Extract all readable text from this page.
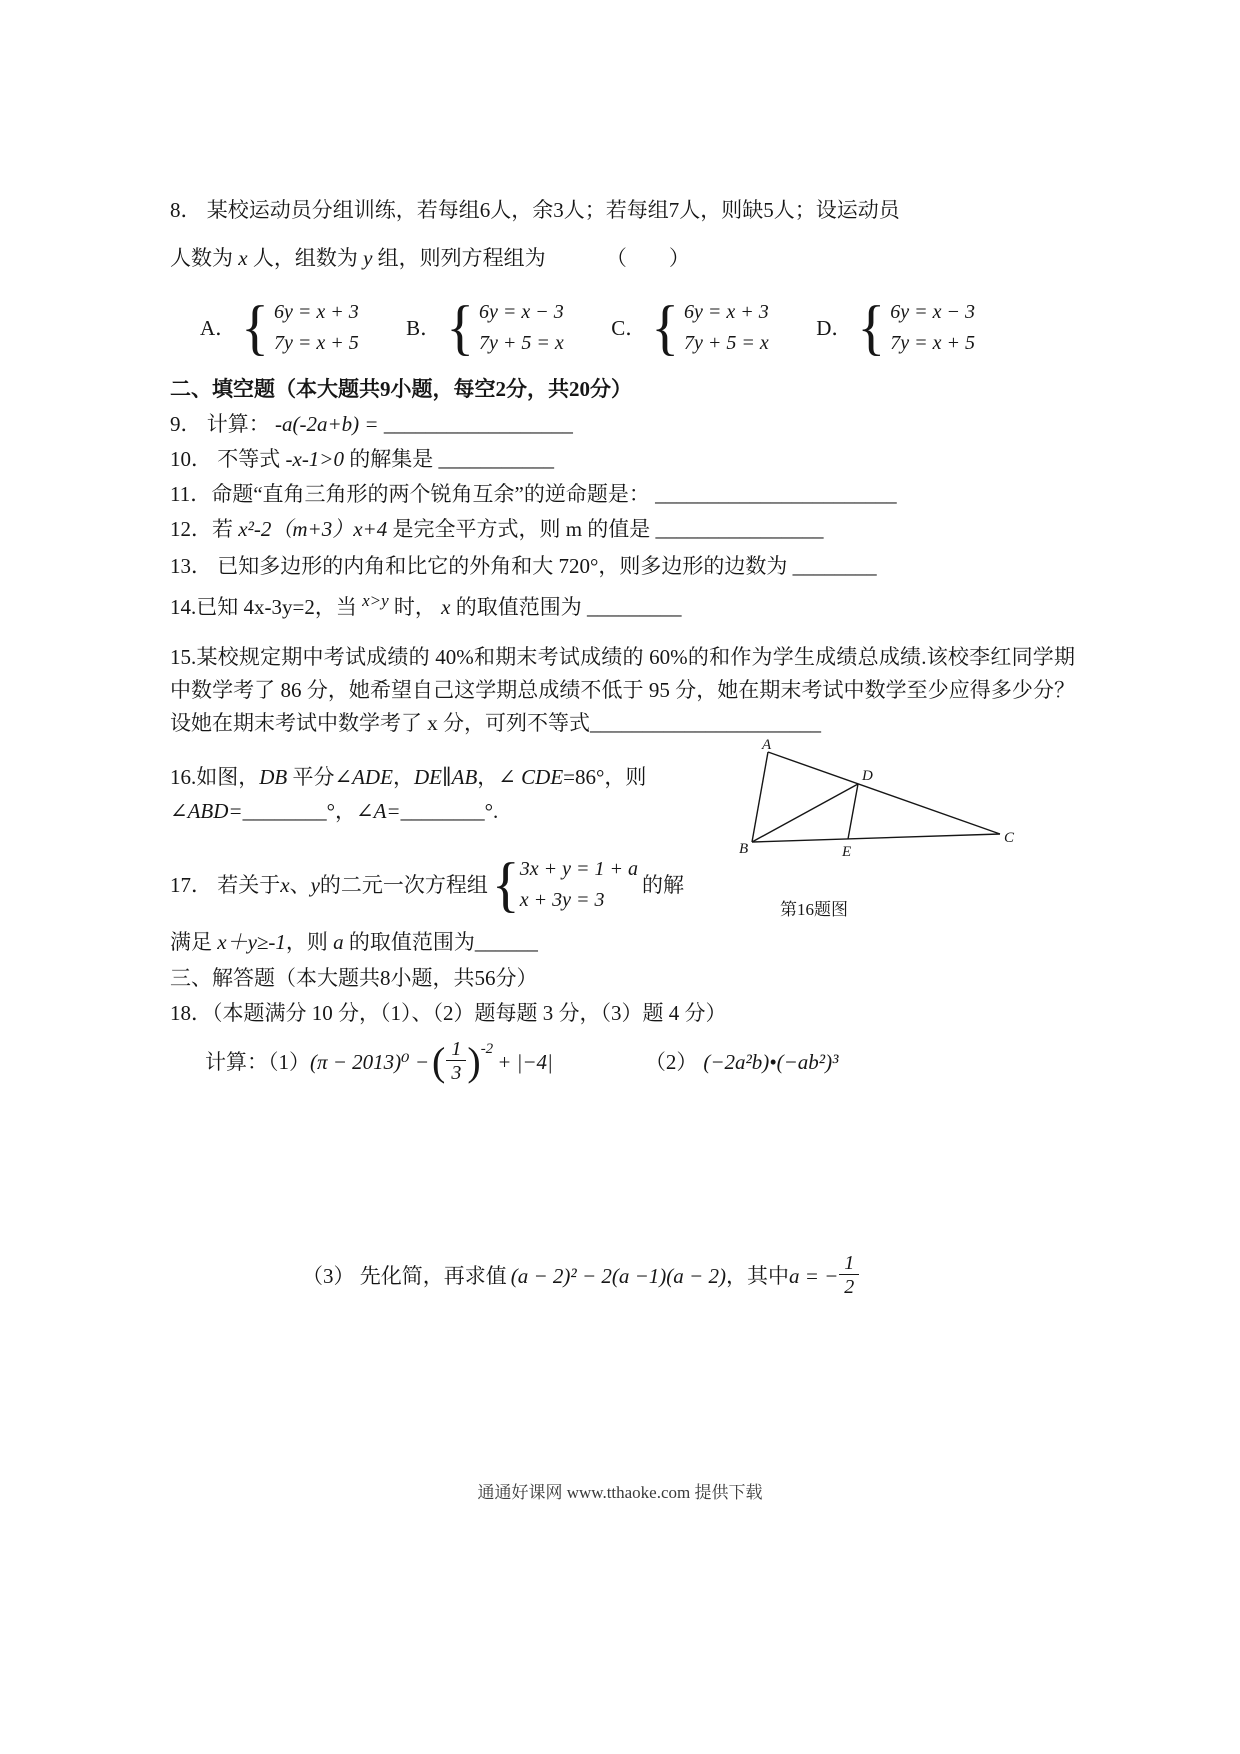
8． 某校运动员分组训练，若每组6人，余3人；若每组7人，则缺5人；设运动员
人数为 x 人，组数为 y 组，则列方程组为	（　　）
A． { 6y = x + 3
7y = x + 5
B． { 6y = x − 3
7y + 5 = x
C． { 6y = x + 3
7y + 5 = x
D． { 6y = x − 3
7y = x + 5
二、填空题（本大题共9小题，每空2分，共20分）
9． 计算： -a(-2a+b) = __________________
10． 不等式 -x-1>0 的解集是 ___________
11．命题“直角三角形的两个锐角互余”的逆命题是： _______________________
12．若 x²-2（m+3）x+4 是完全平方式，则 m 的值是 ________________
13． 已知多边形的内角和比它的外角和大 720°，则多边形的边数为 ________
14.已知 4x-3y=2，当 $^{x>y}$ 时， x 的取值范围为 _________
15.某校规定期中考试成绩的 40%和期末考试成绩的 60%的和作为学生成绩总成绩.该校李红同学期中数学考了 86 分，她希望自己这学期总成绩不低于 95 分，她在期末考试中数学至少应得多少分？设她在期末考试中数学考了 x 分，可列不等式______________________
A
B
C
D
E
第16题图
16.如图，DB 平分∠ADE，DE∥AB，∠ CDE=86°，则
∠ABD=________°，∠A=________°.
17． 若关于 x 、 y 的二元一次方程组 { 3x + y = 1 + a
x + 3y = 3
的解
满足 x＋y≥-1，则 a 的取值范围为______
三、解答题（本大题共8小题，共56分）
18．（本题满分 10 分，（1）、（2）题每题 3 分，（3）题 4 分）
计算：（1） (π − 2013)⁰ − ( $\frac{1}{3}$ ) -2
+ |−4|	（2） (−2a²b)•(−ab²)³
（3） 先化简，再求值 (a − 2)² − 2(a −1)(a − 2) ，其中 a = − $\frac{1}{2}$
通通好课网 www.tthaoke.com 提供下载
